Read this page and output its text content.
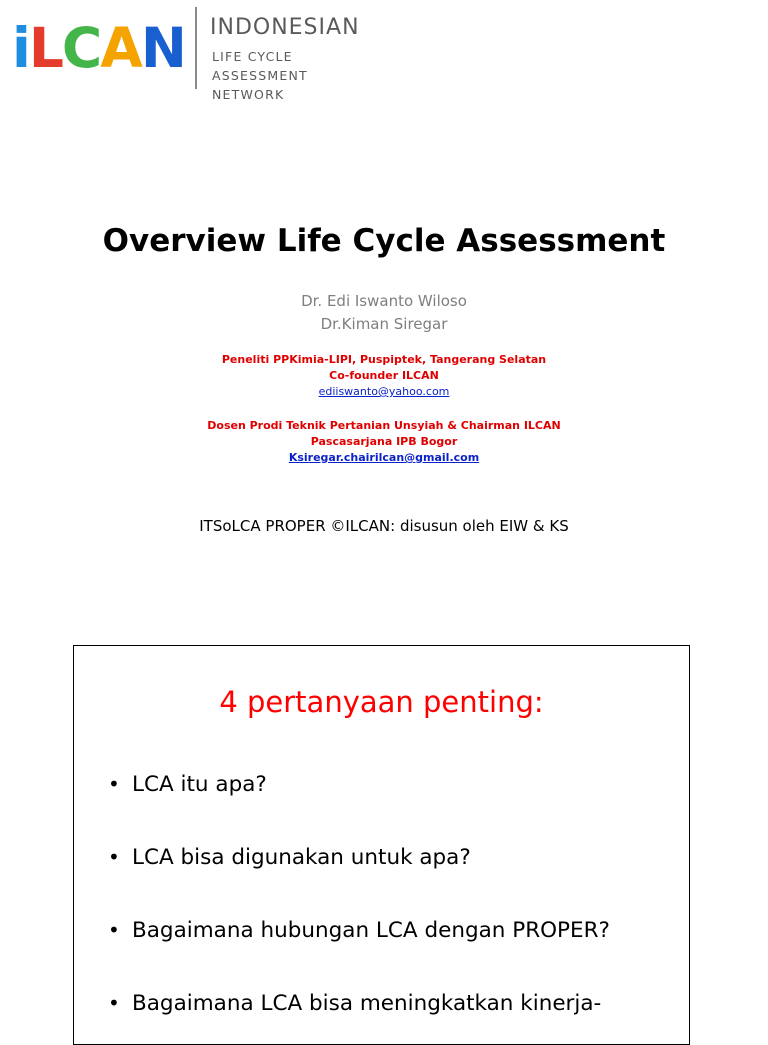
iLCAN INDONESIAN
LIFE CYCLE ASSESSMENT
NETWORK
Overview Life Cycle Assessment
Dr. Edi Iswanto Wiloso
Dr.Kiman Siregar
Peneliti PPKimia-LIPI, Puspiptek, Tangerang Selatan
Co-founder ILCAN
ediiswanto@yahoo.com
Dosen Prodi Teknik Pertanian Unsyiah & Chairman ILCAN
Pascasarjana IPB Bogor
Ksiregar.chairilcan@gmail.com
ITSoLCA PROPER ©ILCAN: disusun oleh EIW & KS
4 pertanyaan penting:
• LCA itu apa?
• LCA bisa digunakan untuk apa?
• Bagaimana hubungan LCA dengan PROPER?
• Bagaimana LCA bisa meningkatkan kinerja-
